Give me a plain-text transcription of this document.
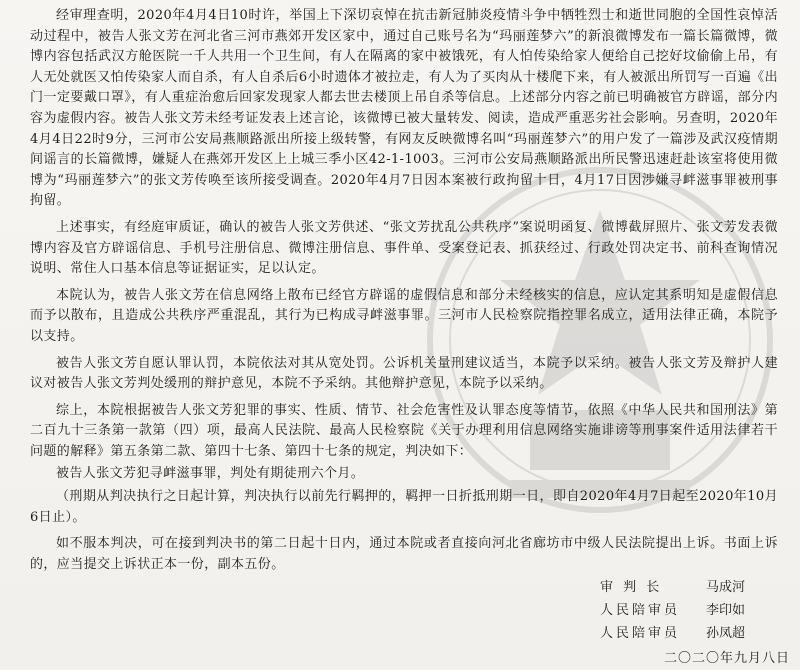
经审理查明，2020年4月4日10时许，举国上下深切哀悼在抗击新冠肺炎疫情斗争中牺牲烈士和逝世同胞的全国性哀悼活动过程中，被告人张文芳在河北省三河市燕郊开发区家中，通过自己账号名为“玛丽莲梦六”的新浪微博发布一篇长篇微博，微博内容包括武汉方舱医院一千人共用一个卫生间，有人在隔离的家中被饿死，有人怕传染给家人便给自己挖好坟偷偷上吊，有人无处就医又怕传染家人而自杀，有人自杀后6小时遗体才被拉走，有人为了买肉从十楼爬下来，有人被派出所罚写一百遍《出门一定要戴口罩》，有人重症治愈后回家发现家人都去世去楼顶上吊自杀等信息。上述部分内容之前已明确被官方辟谣，部分内容为虚假内容。被告人张文芳未经考证发表上述言论，该微博已被大量转发、阅读，造成严重恶劣社会影响。另查明，2020年4月4日22时9分，三河市公安局燕顺路派出所接上级转警，有网友反映微博名叫“玛丽莲梦六”的用户发了一篇涉及武汉疫情期间谣言的长篇微博，嫌疑人在燕郊开发区上上城三季小区42-1-1003。三河市公安局燕顺路派出所民警迅速赶赴该室将使用微博为“玛丽莲梦六”的张文芳传唤至该所接受调查。2020年4月7日因本案被行政拘留十日，4月17日因涉嫌寻衅滋事罪被刑事拘留。

上述事实，有经庭审质证，确认的被告人张文芳供述、“张文芳扰乱公共秩序”案说明函复、微博截屏照片、张文芳发表微博内容及官方辟谣信息、手机号注册信息、微博注册信息、事件单、受案登记表、抓获经过、行政处罚决定书、前科查询情况说明、常住人口基本信息等证据证实，足以认定。

本院认为，被告人张文芳在信息网络上散布已经官方辟谣的虚假信息和部分未经核实的信息，应认定其系明知是虚假信息而予以散布，且造成公共秩序严重混乱，其行为已构成寻衅滋事罪。三河市人民检察院指控罪名成立，适用法律正确，本院予以支持。

被告人张文芳自愿认罪认罚，本院依法对其从宽处罚。公诉机关量刑建议适当，本院予以采纳。被告人张文芳及辩护人建议对被告人张文芳判处缓刑的辩护意见，本院不予采纳。其他辩护意见，本院予以采纳。

综上，本院根据被告人张文芳犯罪的事实、性质、情节、社会危害性及认罪态度等情节，依照《中华人民共和国刑法》第二百九十三条第一款第（四）项，最高人民法院、最高人民检察院《关于办理利用信息网络实施诽谤等刑事案件适用法律若干问题的解释》第五条第二款、第四十七条、第四十七条的规定，判决如下：

被告人张文芳犯寻衅滋事罪，判处有期徒刑六个月。

（刑期从判决执行之日起计算，判决执行以前先行羁押的，羁押一日折抵刑期一日，即自2020年4月7日起至2020年10月6日止）。

如不服本判决，可在接到判决书的第二日起十日内，通过本院或者直接向河北省廊坊市中级人民法院提出上诉。书面上诉的，应当提交上诉状正本一份，副本五份。

审 判 长	马成河
人民陪审员	李印如
人民陪审员	孙凤超
二〇二〇年九月八日
